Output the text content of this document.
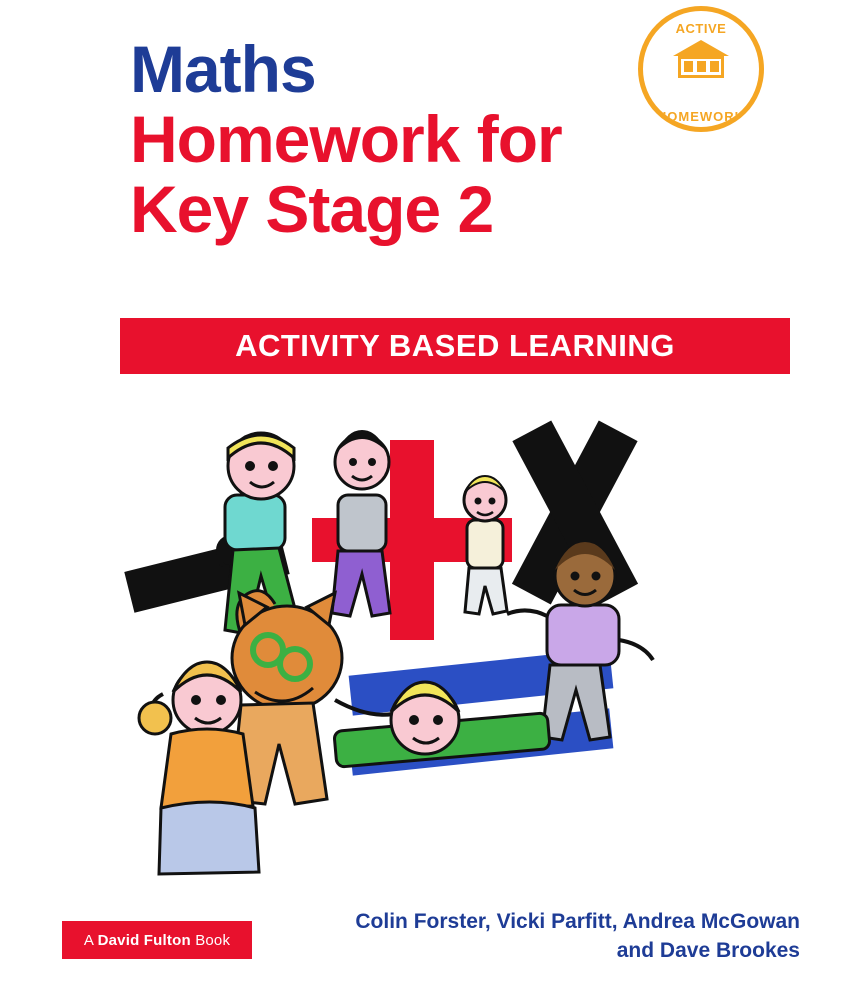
ACTIVE
HOMEWORK
Maths
Homework for
Key Stage 2
ACTIVITY BASED LEARNING
A David Fulton Book
Colin Forster, Vicki Parfitt, Andrea McGowan
and Dave Brookes
